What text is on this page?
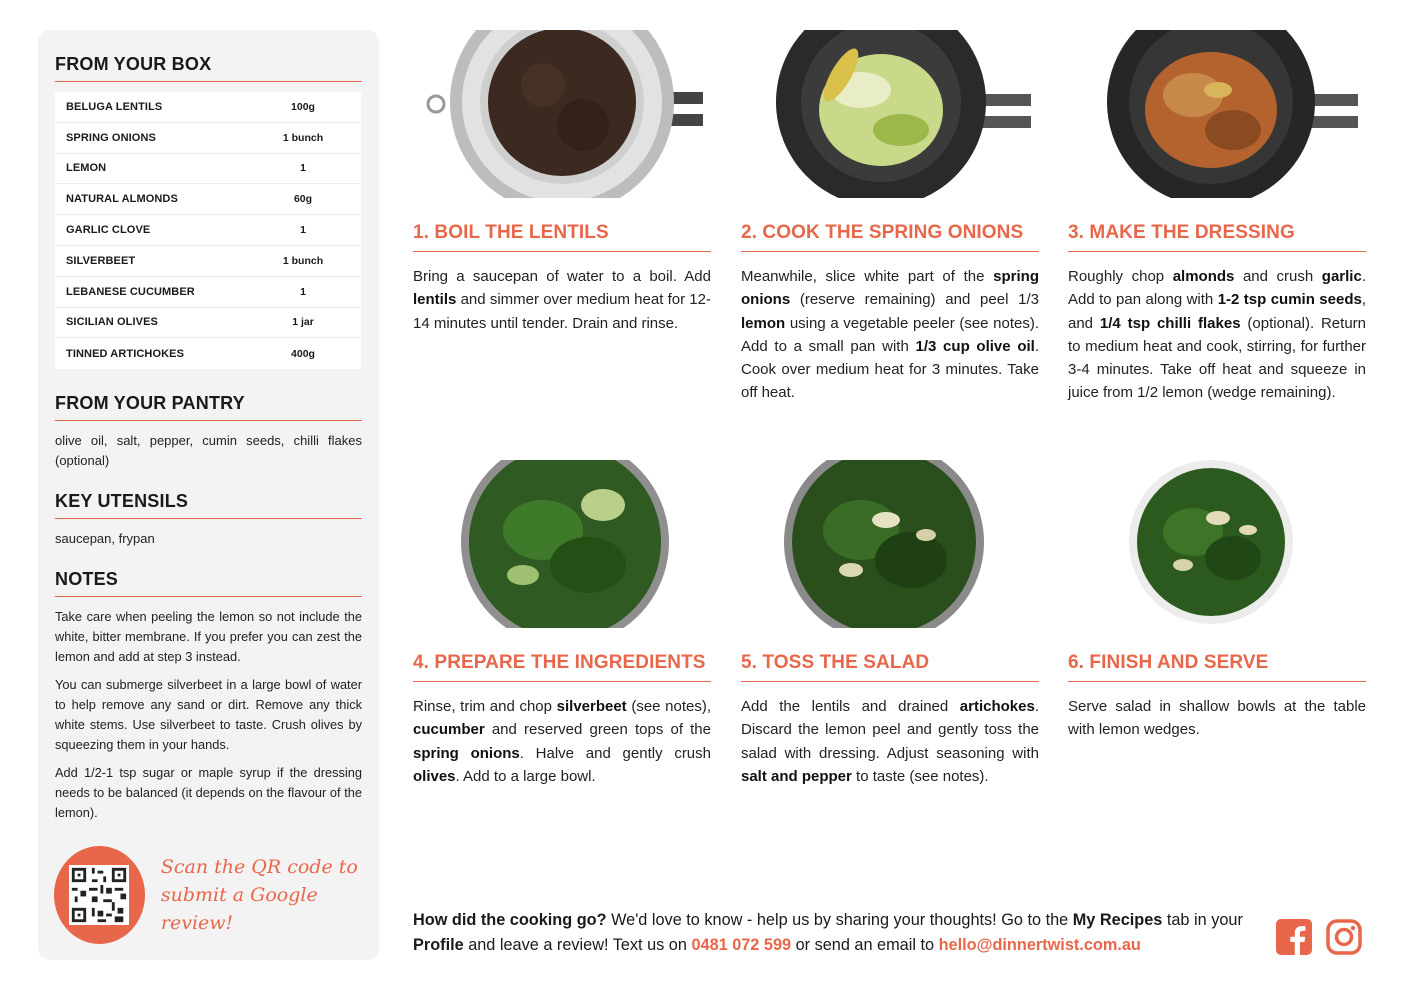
FROM YOUR BOX
BELUGA LENTILS	100g
SPRING ONIONS	1 bunch
LEMON	1
NATURAL ALMONDS	60g
GARLIC CLOVE	1
SILVERBEET	1 bunch
LEBANESE CUCUMBER	1
SICILIAN OLIVES	1 jar
TINNED ARTICHOKES	400g
FROM YOUR PANTRY

olive oil, salt, pepper, cumin seeds, chilli flakes (optional)

KEY UTENSILS

saucepan, frypan

NOTES

Take care when peeling the lemon so not include the white, bitter membrane. If you prefer you can zest the lemon and add at step 3 instead.

You can submerge silverbeet in a large bowl of water to help remove any sand or dirt. Remove any thick white stems. Use silverbeet to taste. Crush olives by squeezing them in your hands.

Add 1/2-1 tsp sugar or maple syrup if the dressing needs to be balanced (it depends on the flavour of the lemon).

Scan the QR code to
submit a Google review!
1. BOIL THE LENTILS

Bring a saucepan of water to a boil. Add lentils and simmer over medium heat for 12-14 minutes until tender. Drain and rinse.

2. COOK THE SPRING ONIONS

Meanwhile, slice white part of the spring onions (reserve remaining) and peel 1/3 lemon using a vegetable peeler (see notes). Add to a small pan with 1/3 cup olive oil. Cook over medium heat for 3 minutes. Take off heat.

3. MAKE THE DRESSING

Roughly chop almonds and crush garlic. Add to pan along with 1-2 tsp cumin seeds, and 1/4 tsp chilli flakes (optional). Return to medium heat and cook, stirring, for further 3-4 minutes. Take off heat and squeeze in juice from 1/2 lemon (wedge remaining).

4. PREPARE THE INGREDIENTS

Rinse, trim and chop silverbeet (see notes), cucumber and reserved green tops of the spring onions. Halve and gently crush olives. Add to a large bowl.

5. TOSS THE SALAD

Add the lentils and drained artichokes. Discard the lemon peel and gently toss the salad with dressing. Adjust seasoning with salt and pepper to taste (see notes).

6. FINISH AND SERVE

Serve salad in shallow bowls at the table with lemon wedges.

How did the cooking go? We'd love to know - help us by sharing your thoughts! Go to the My Recipes tab in your Profile and leave a review! Text us on 0481 072 599 or send an email to hello@dinnertwist.com.au
